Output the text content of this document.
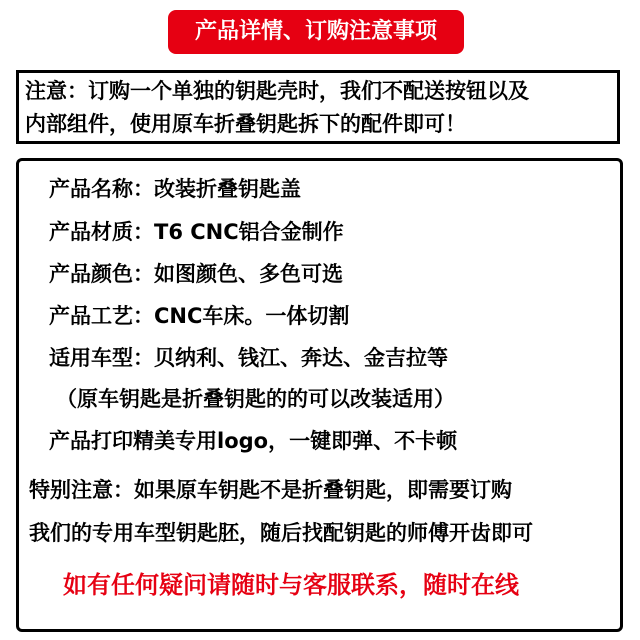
产品详情、订购注意事项
注意：订购一个单独的钥匙壳时，我们不配送按钮以及
内部组件，使用原车折叠钥匙拆下的配件即可！
产品名称：改装折叠钥匙盖
产品材质：T6 CNC铝合金制作
产品颜色：如图颜色、多色可选
产品工艺：CNC车床。一体切割
适用车型：贝纳利、钱江、奔达、金吉拉等
（原车钥匙是折叠钥匙的的可以改装适用）
产品打印精美专用logo，一键即弹、不卡顿
特别注意：如果原车钥匙不是折叠钥匙，即需要订购
我们的专用车型钥匙胚，随后找配钥匙的师傅开齿即可
如有任何疑问请随时与客服联系，随时在线
